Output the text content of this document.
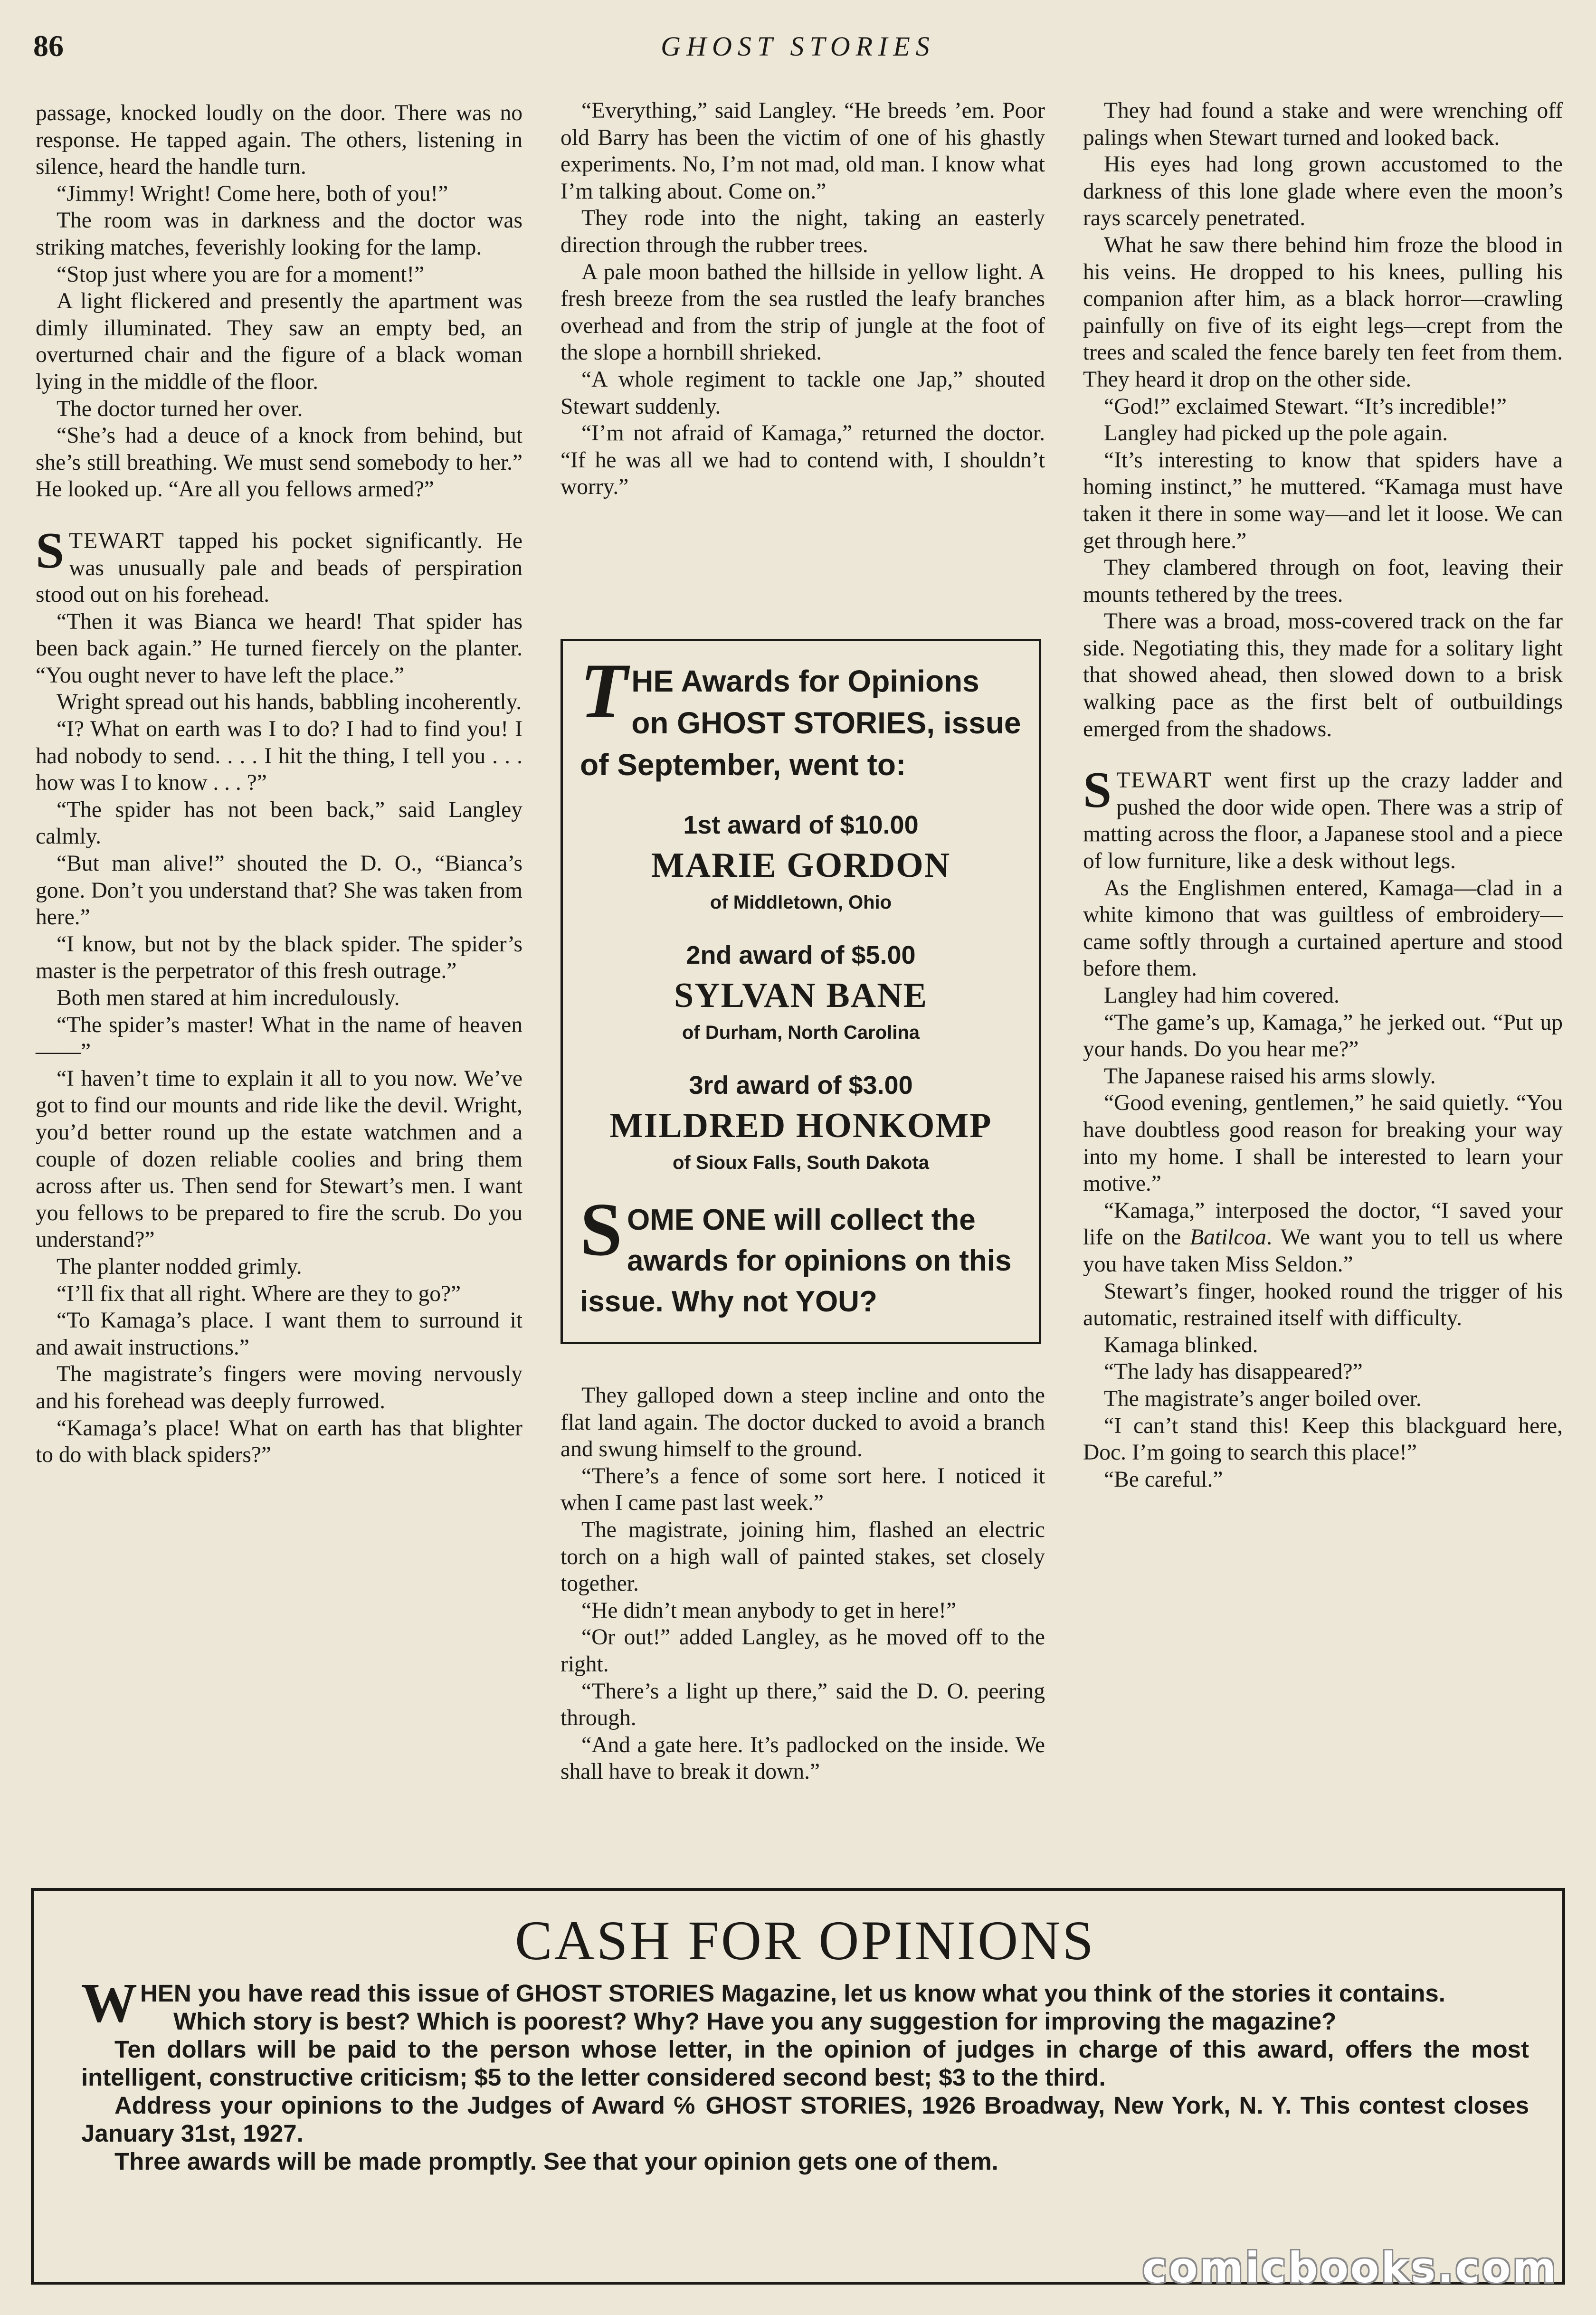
86	GHOST STORIES

passage, knocked loudly on the door. There was no response. He tapped again. The others, listening in silence, heard the handle turn.

“Jimmy! Wright! Come here, both of you!”

The room was in darkness and the doctor was striking matches, feverishly looking for the lamp.

“Stop just where you are for a moment!”

A light flickered and presently the apartment was dimly illuminated. They saw an empty bed, an overturned chair and the figure of a black woman lying in the middle of the floor.

The doctor turned her over.

“She’s had a deuce of a knock from behind, but she’s still breathing. We must send somebody to her.” He looked up. “Are all you fellows armed?”

STEWART tapped his pocket significantly. He was unusually pale and beads of perspiration stood out on his forehead.

“Then it was Bianca we heard! That spider has been back again.” He turned fiercely on the planter. “You ought never to have left the place.”

Wright spread out his hands, babbling incoherently.

“I? What on earth was I to do? I had to find you! I had nobody to send. . . . I hit the thing, I tell you . . . how was I to know . . . ?”

“The spider has not been back,” said Langley calmly.

“But man alive!” shouted the D. O., “Bianca’s gone. Don’t you understand that? She was taken from here.”

“I know, but not by the black spider. The spider’s master is the perpetrator of this fresh outrage.”

Both men stared at him incredulously.

“The spider’s master! What in the name of heaven——”

“I haven’t time to explain it all to you now. We’ve got to find our mounts and ride like the devil. Wright, you’d better round up the estate watchmen and a couple of dozen reliable coolies and bring them across after us. Then send for Stewart’s men. I want you fellows to be prepared to fire the scrub. Do you understand?”

The planter nodded grimly.

“I’ll fix that all right. Where are they to go?”

“To Kamaga’s place. I want them to surround it and await instructions.”

The magistrate’s fingers were moving nervously and his forehead was deeply furrowed.

“Kamaga’s place! What on earth has that blighter to do with black spiders?”

“Everything,” said Langley. “He breeds ’em. Poor old Barry has been the victim of one of his ghastly experiments. No, I’m not mad, old man. I know what I’m talking about. Come on.”

They rode into the night, taking an easterly direction through the rubber trees.

A pale moon bathed the hillside in yellow light. A fresh breeze from the sea rustled the leafy branches overhead and from the strip of jungle at the foot of the slope a hornbill shrieked.

“A whole regiment to tackle one Jap,” shouted Stewart suddenly.

“I’m not afraid of Kamaga,” returned the doctor. “If he was all we had to contend with, I shouldn’t worry.”

THE Awards for Opinions on GHOST STORIES, issue of September, went to:
1st award of $10.00
MARIE GORDON
of Middletown, Ohio
2nd award of $5.00
SYLVAN BANE
of Durham, North Carolina
3rd award of $3.00
MILDRED HONKOMP
of Sioux Falls, South Dakota
SOME ONE will collect the awards for opinions on this issue. Why not YOU?

They galloped down a steep incline and onto the flat land again. The doctor ducked to avoid a branch and swung himself to the ground.

“There’s a fence of some sort here. I noticed it when I came past last week.”

The magistrate, joining him, flashed an electric torch on a high wall of painted stakes, set closely together.

“He didn’t mean anybody to get in here!”

“Or out!” added Langley, as he moved off to the right.

“There’s a light up there,” said the D. O. peering through.

“And a gate here. It’s padlocked on the inside. We shall have to break it down.”

They had found a stake and were wrenching off palings when Stewart turned and looked back.

His eyes had long grown accustomed to the darkness of this lone glade where even the moon’s rays scarcely penetrated.

What he saw there behind him froze the blood in his veins. He dropped to his knees, pulling his companion after him, as a black horror—crawling painfully on five of its eight legs—crept from the trees and scaled the fence barely ten feet from them. They heard it drop on the other side.

“God!” exclaimed Stewart. “It’s incredible!”

Langley had picked up the pole again.

“It’s interesting to know that spiders have a homing instinct,” he muttered. “Kamaga must have taken it there in some way—and let it loose. We can get through here.”

They clambered through on foot, leaving their mounts tethered by the trees.

There was a broad, moss-covered track on the far side. Negotiating this, they made for a solitary light that showed ahead, then slowed down to a brisk walking pace as the first belt of outbuildings emerged from the shadows.

STEWART went first up the crazy ladder and pushed the door wide open. There was a strip of matting across the floor, a Japanese stool and a piece of low furniture, like a desk without legs.

As the Englishmen entered, Kamaga—clad in a white kimono that was guiltless of embroidery—came softly through a curtained aperture and stood before them.

Langley had him covered.

“The game’s up, Kamaga,” he jerked out. “Put up your hands. Do you hear me?”

The Japanese raised his arms slowly.

“Good evening, gentlemen,” he said quietly. “You have doubtless good reason for breaking your way into my home. I shall be interested to learn your motive.”

“Kamaga,” interposed the doctor, “I saved your life on the Batilcoa. We want you to tell us where you have taken Miss Seldon.”

Stewart’s finger, hooked round the trigger of his automatic, restrained itself with difficulty.

Kamaga blinked.

“The lady has disappeared?”

The magistrate’s anger boiled over.

“I can’t stand this! Keep this blackguard here, Doc. I’m going to search this place!”

“Be careful.”

CASH FOR OPINIONS

WHEN you have read this issue of GHOST STORIES Magazine, let us know what you think of the stories it contains.

Which story is best? Which is poorest? Why? Have you any suggestion for improving the magazine?

Ten dollars will be paid to the person whose letter, in the opinion of judges in charge of this award, offers the most intelligent, constructive criticism; $5 to the letter considered second best; $3 to the third.

Address your opinions to the Judges of Award ℅ GHOST STORIES, 1926 Broadway, New York, N. Y. This contest closes January 31st, 1927.

Three awards will be made promptly. See that your opinion gets one of them.

comicbooks.com
